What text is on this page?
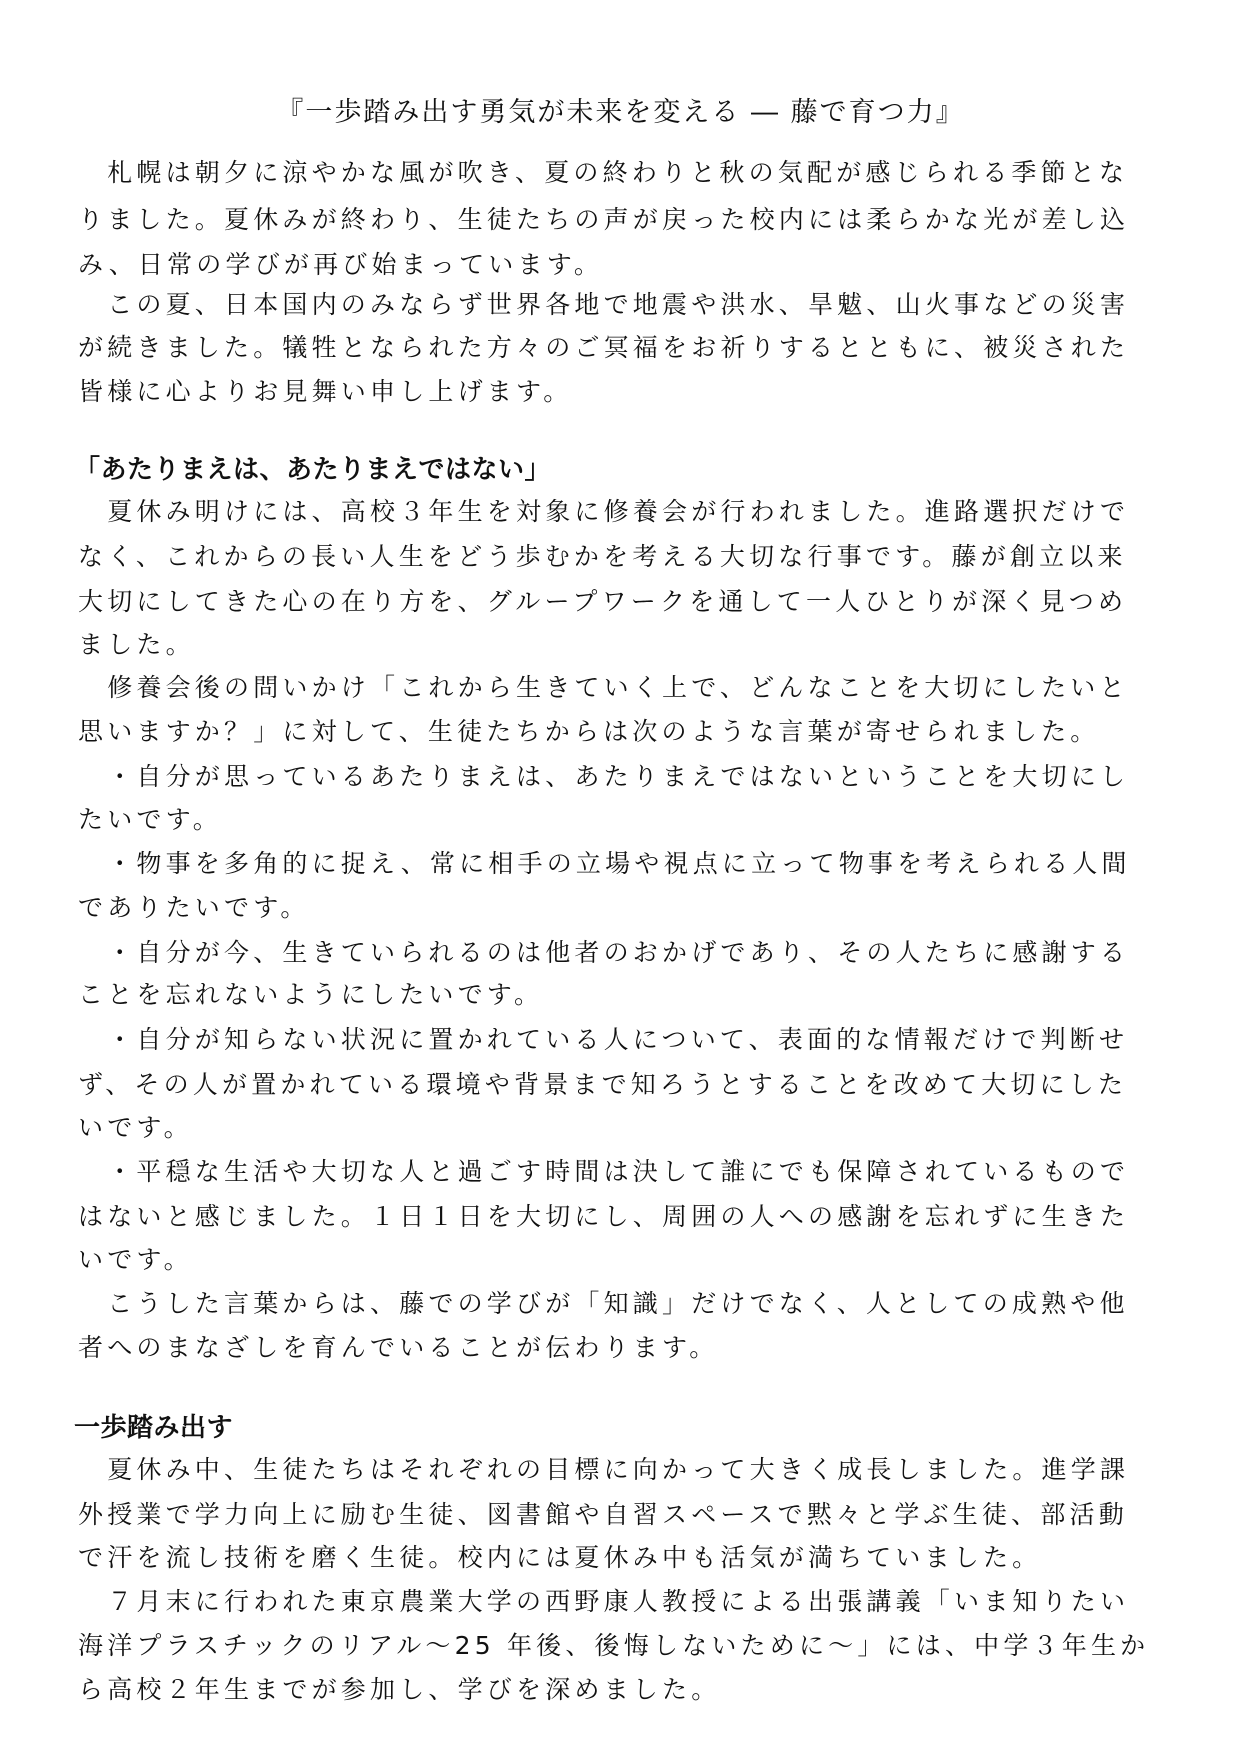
『一歩踏み出す勇気が未来を変える ― 藤で育つ力』
「あたりまえは、あたりまえではない」
一歩踏み出す
　札幌は朝夕に涼やかな風が吹き、夏の終わりと秋の気配が感じられる季節とな
りました。夏休みが終わり、生徒たちの声が戻った校内には柔らかな光が差し込
み、日常の学びが再び始まっています。
　この夏、日本国内のみならず世界各地で地震や洪水、旱魃、山火事などの災害
が続きました。犠牲となられた方々のご冥福をお祈りするとともに、被災された
皆様に心よりお見舞い申し上げます。
　夏休み明けには、高校３年生を対象に修養会が行われました。進路選択だけで
なく、これからの長い人生をどう歩むかを考える大切な行事です。藤が創立以来
大切にしてきた心の在り方を、グループワークを通して一人ひとりが深く見つめ
ました。
　修養会後の問いかけ「これから生きていく上で、どんなことを大切にしたいと
思いますか？」に対して、生徒たちからは次のような言葉が寄せられました。
　・自分が思っているあたりまえは、あたりまえではないということを大切にし
たいです。
　・物事を多角的に捉え、常に相手の立場や視点に立って物事を考えられる人間
でありたいです。
　・自分が今、生きていられるのは他者のおかげであり、その人たちに感謝する
ことを忘れないようにしたいです。
　・自分が知らない状況に置かれている人について、表面的な情報だけで判断せ
ず、その人が置かれている環境や背景まで知ろうとすることを改めて大切にした
いです。
　・平穏な生活や大切な人と過ごす時間は決して誰にでも保障されているもので
はないと感じました。１日１日を大切にし、周囲の人への感謝を忘れずに生きた
いです。
　こうした言葉からは、藤での学びが「知識」だけでなく、人としての成熟や他
者へのまなざしを育んでいることが伝わります。
　夏休み中、生徒たちはそれぞれの目標に向かって大きく成長しました。進学課
外授業で学力向上に励む生徒、図書館や自習スペースで黙々と学ぶ生徒、部活動
で汗を流し技術を磨く生徒。校内には夏休み中も活気が満ちていました。
　７月末に行われた東京農業大学の西野康人教授による出張講義「いま知りたい
海洋プラスチックのリアル～25 年後、後悔しないために～」には、中学３年生か
ら高校２年生までが参加し、学びを深めました。
